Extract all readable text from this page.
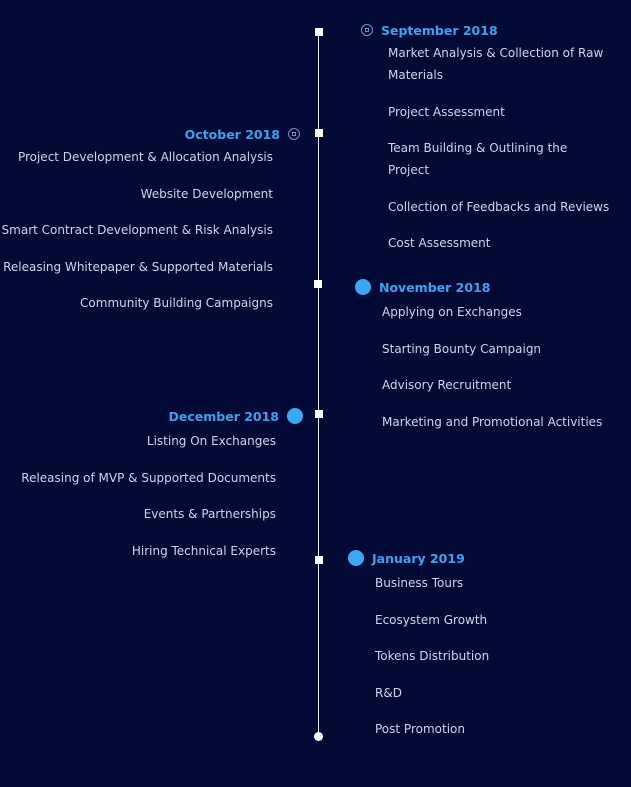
September 2018
Market Analysis & Collection of Raw Materials
Project Assessment
Team Building & Outlining the Project
Collection of Feedbacks and Reviews
Cost Assessment
October 2018
Project Development & Allocation Analysis
Website Development
Smart Contract Development & Risk Analysis
Releasing Whitepaper & Supported Materials
Community Building Campaigns
November 2018
Applying on Exchanges
Starting Bounty Campaign
Advisory Recruitment
Marketing and Promotional Activities
December 2018
Listing On Exchanges
Releasing of MVP & Supported Documents
Events & Partnerships
Hiring Technical Experts	January 2019
Business Tours
Ecosystem Growth
Tokens Distribution
R&D
Post Promotion
